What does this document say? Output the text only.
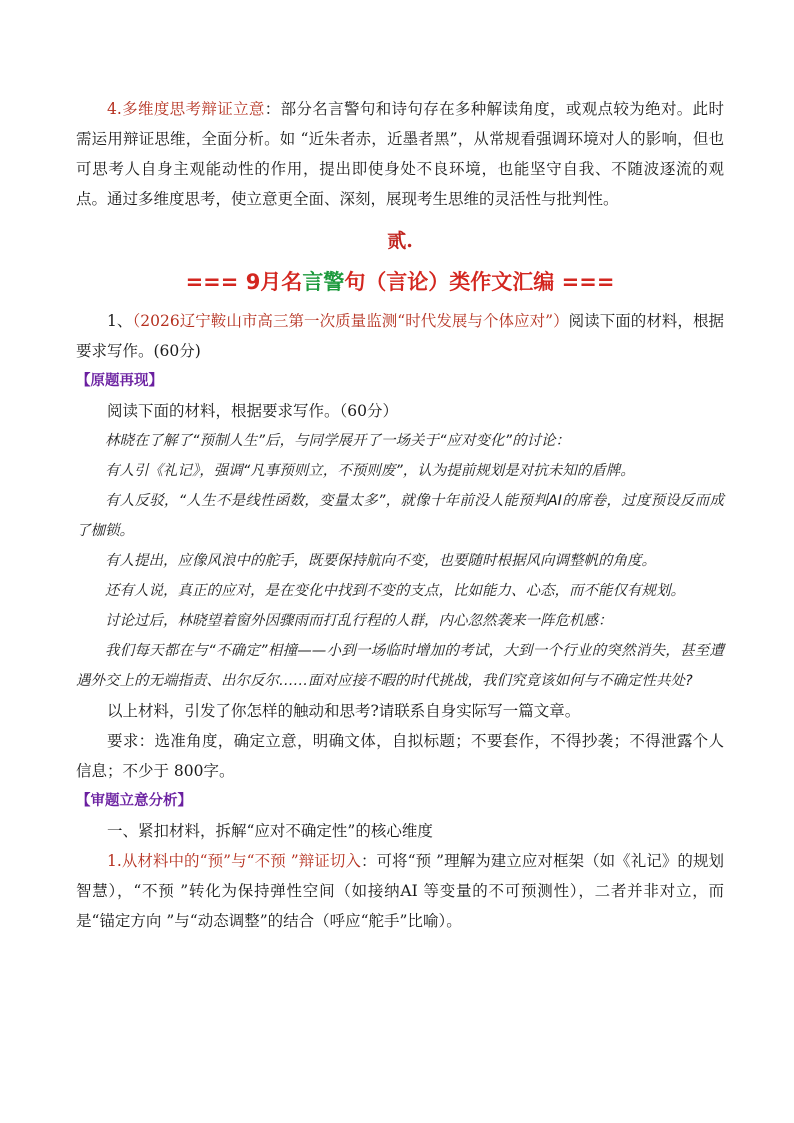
4.多维度思考辩证立意：部分名言警句和诗句存在多种解读角度，或观点较为绝对。此时需运用辩证思维，全面分析。如 “近朱者赤，近墨者黑”，从常规看强调环境对人的影响，但也可思考人自身主观能动性的作用，提出即使身处不良环境，也能坚守自我、不随波逐流的观点。通过多维度思考，使立意更全面、深刻，展现考生思维的灵活性与批判性。

贰.

=== 9月名言警句（言论）类作文汇编 ===

1、（2026辽宁鞍山市高三第一次质量监测“时代发展与个体应对”）阅读下面的材料，根据要求写作。(60分)

【原题再现】

阅读下面的材料，根据要求写作。（60分）

林晓在了解了“预制人生”后，与同学展开了一场关于“应对变化”的讨论：

有人引《礼记》，强调“凡事预则立，不预则废”，认为提前规划是对抗未知的盾牌。

有人反驳，“人生不是线性函数，变量太多”，就像十年前没人能预判AI的席卷，过度预设反而成了枷锁。

有人提出，应像风浪中的舵手，既要保持航向不变，也要随时根据风向调整帆的角度。

还有人说，真正的应对，是在变化中找到不变的支点，比如能力、心态，而不能仅有规划。

讨论过后，林晓望着窗外因骤雨而打乱行程的人群，内心忽然袭来一阵危机感：

我们每天都在与“不确定”相撞——小到一场临时增加的考试，大到一个行业的突然消失，甚至遭遇外交上的无端指责、出尔反尔……面对应接不暇的时代挑战，我们究竟该如何与不确定性共处?

以上材料，引发了你怎样的触动和思考?请联系自身实际写一篇文章。

要求：选准角度，确定立意，明确文体，自拟标题；不要套作，不得抄袭；不得泄露个人信息；不少于 800字。

【审题立意分析】

一、紧扣材料，拆解“应对不确定性”的核心维度

1.从材料中的“预”与“不预 ”辩证切入：可将“预 ”理解为建立应对框架（如《礼记》的规划智慧），“不预 ”转化为保持弹性空间（如接纳AI 等变量的不可预测性），二者并非对立，而是“锚定方向 ”与“动态调整”的结合（呼应“舵手”比喻）。
